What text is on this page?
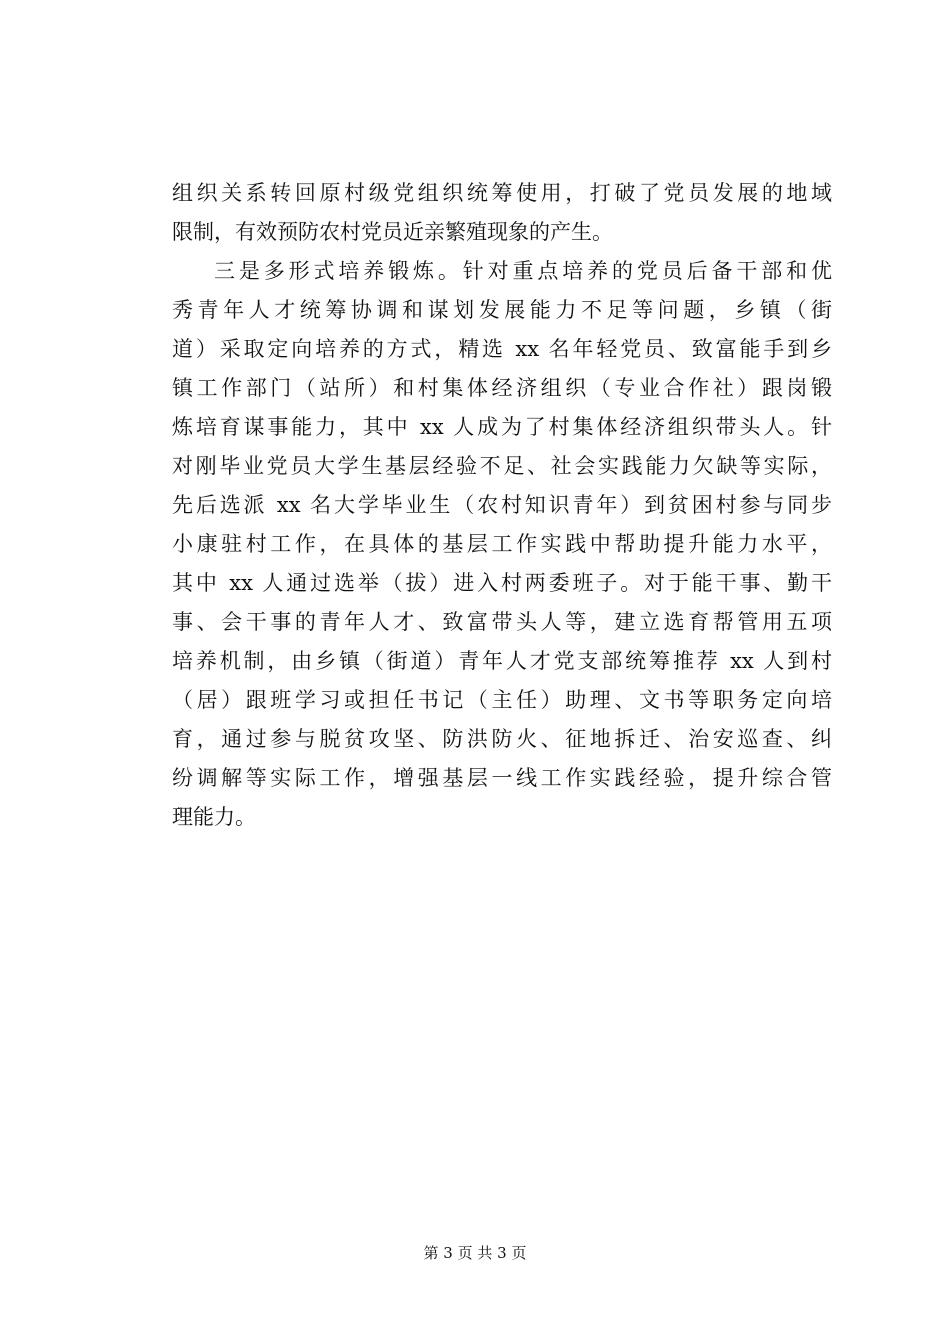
组织关系转回原村级党组织统筹使用，打破了党员发展的地域
限制，有效预防农村党员近亲繁殖现象的产生。
三是多形式培养锻炼。针对重点培养的党员后备干部和优
秀青年人才统筹协调和谋划发展能力不足等问题，乡镇（街
道）采取定向培养的方式，精选 xx 名年轻党员、致富能手到乡
镇工作部门（站所）和村集体经济组织（专业合作社）跟岗锻
炼培育谋事能力，其中 xx 人成为了村集体经济组织带头人。针
对刚毕业党员大学生基层经验不足、社会实践能力欠缺等实际，
先后选派 xx 名大学毕业生（农村知识青年）到贫困村参与同步
小康驻村工作，在具体的基层工作实践中帮助提升能力水平，
其中 xx 人通过选举（拔）进入村两委班子。对于能干事、勤干
事、会干事的青年人才、致富带头人等，建立选育帮管用五项
培养机制，由乡镇（街道）青年人才党支部统筹推荐 xx 人到村
（居）跟班学习或担任书记（主任）助理、文书等职务定向培
育，通过参与脱贫攻坚、防洪防火、征地拆迁、治安巡查、纠
纷调解等实际工作，增强基层一线工作实践经验，提升综合管
理能力。
第 3 页 共 3 页
